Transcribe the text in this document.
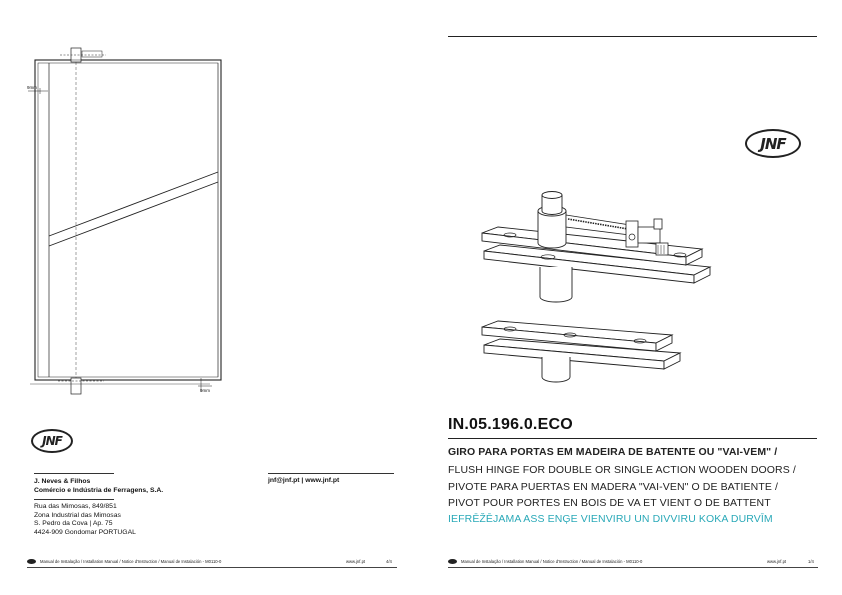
9mm
9mm
JNF
J. Neves & Filhos
Comércio e Indústria de Ferragens, S.A.
jnf@jnf.pt | www.jnf.pt
Rua das Mimosas, 849/851
Zona Industrial das Mimosas
S. Pedro da Cova | Ap. 75
4424-909 Gondomar PORTUGAL
Manual de Instalação / Installation Manual / Notice d'Instruction / Manual de Instalación - M0110-0	www.jnf.pt	4/4
JNF
IN.05.196.0.ECO
GIRO PARA PORTAS EM MADEIRA DE BATENTE OU "VAI-VEM" /
FLUSH HINGE FOR DOUBLE OR SINGLE ACTION WOODEN DOORS /
PIVOTE PARA PUERTAS EN MADERA "VAI-VEN" O DE BATIENTE /
PIVOT POUR PORTES EN BOIS DE VA ET VIENT O DE BATTENT
IEFRĒŽĒJAMA ASS ENĢE VIENVIRU UN DIVVIRU KOKA DURVĪM
Manual de Instalação / Installation Manual / Notice d'Instruction / Manual de Instalación - M0110-0	www.jnf.pt	1/4
